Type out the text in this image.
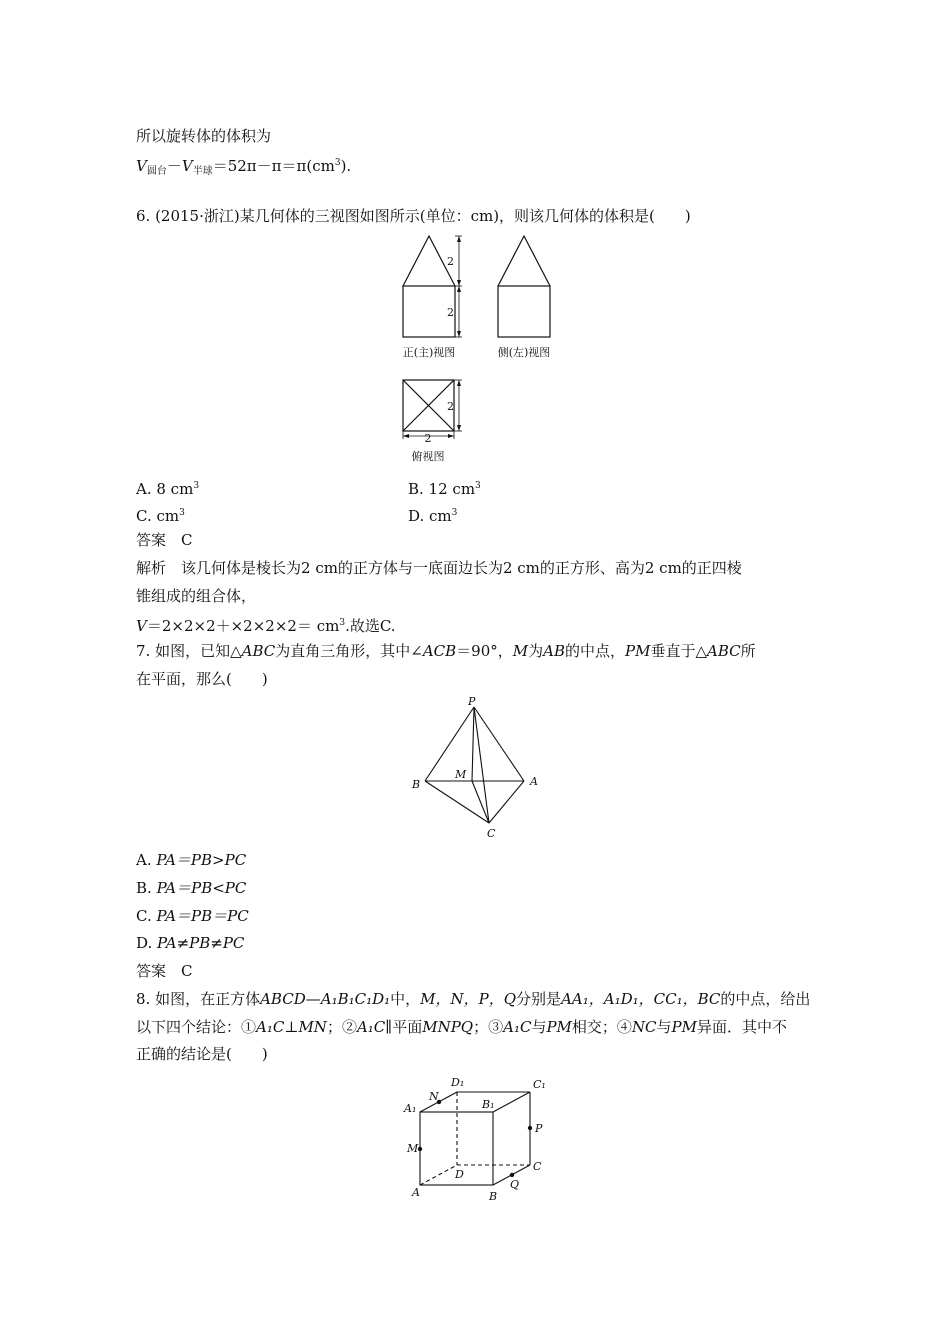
所以旋转体的体积为
$V_{圆台}-V_{半球}=52\pi-\pi=\pi(cm^3)$.
6. (2015·浙江)某几何体的三视图如图所示(单位：cm)，则该几何体的体积是(　　)
2
2
正(主)视图	侧(左)视图
2
2
俯视图
A. 8 $cm^3$	B. 12 $cm^3$
C. $cm^3$	D. $cm^3$
答案　C
解析　该几何体是棱长为2 cm的正方体与一底面边长为2 cm的正方形、高为2 cm的正四棱
锥组成的组合体，
$V=2\times 2\times 2+\times 2\times 2\times 2= cm^3$.故选C.
7. 如图，已知△ABC为直角三角形，其中∠ACB＝90°，M为AB的中点，PM垂直于△ABC所
在平面，那么(　　)
P
M
B	A
C
A. PA＝PB>PC
B. PA＝PB<PC
C. PA＝PB＝PC
D. PA≠PB≠PC
答案　C
8. 如图，在正方体ABCD—A₁B₁C₁D₁中，M，N，P，Q分别是AA₁，A₁D₁，CC₁，BC的中点，给出
以下四个结论：①A₁C⊥MN；②A₁C∥平面MNPQ；③A₁C与PM相交；④NC与PM异面．其中不
正确的结论是(　　)
D₁	C₁
N
A₁	B₁
P
M
D
C
Q
A	B
